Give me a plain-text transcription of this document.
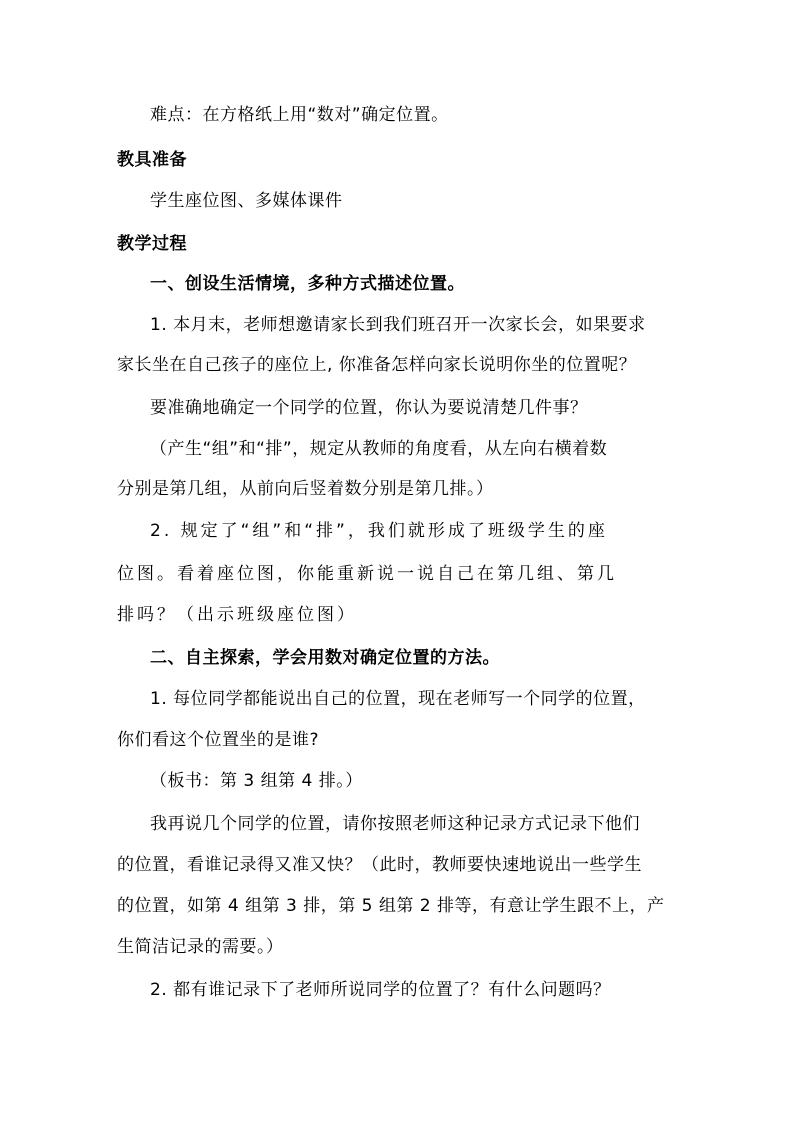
难点：在方格纸上用“数对”确定位置。
教具准备
学生座位图、多媒体课件
教学过程
一、创设生活情境，多种方式描述位置。
1. 本月末，老师想邀请家长到我们班召开一次家长会，如果要求
家长坐在自己孩子的座位上, 你准备怎样向家长说明你坐的位置呢？
要准确地确定一个同学的位置，你认为要说清楚几件事？
（产生“组”和“排”，规定从教师的角度看，从左向右横着数
分别是第几组，从前向后竖着数分别是第几排。）
2. 规定了“组”和“排”，我们就形成了班级学生的座
位图。看着座位图，你能重新说一说自己在第几组、第几
排吗？（出示班级座位图）
二、自主探索，学会用数对确定位置的方法。
1. 每位同学都能说出自己的位置，现在老师写一个同学的位置，
你们看这个位置坐的是谁?
（板书：第 3 组第 4 排。）
我再说几个同学的位置，请你按照老师这种记录方式记录下他们
的位置，看谁记录得又准又快？（此时，教师要快速地说出一些学生
的位置，如第 4 组第 3 排，第 5 组第 2 排等，有意让学生跟不上，产
生简洁记录的需要。）
2. 都有谁记录下了老师所说同学的位置了？有什么问题吗？
